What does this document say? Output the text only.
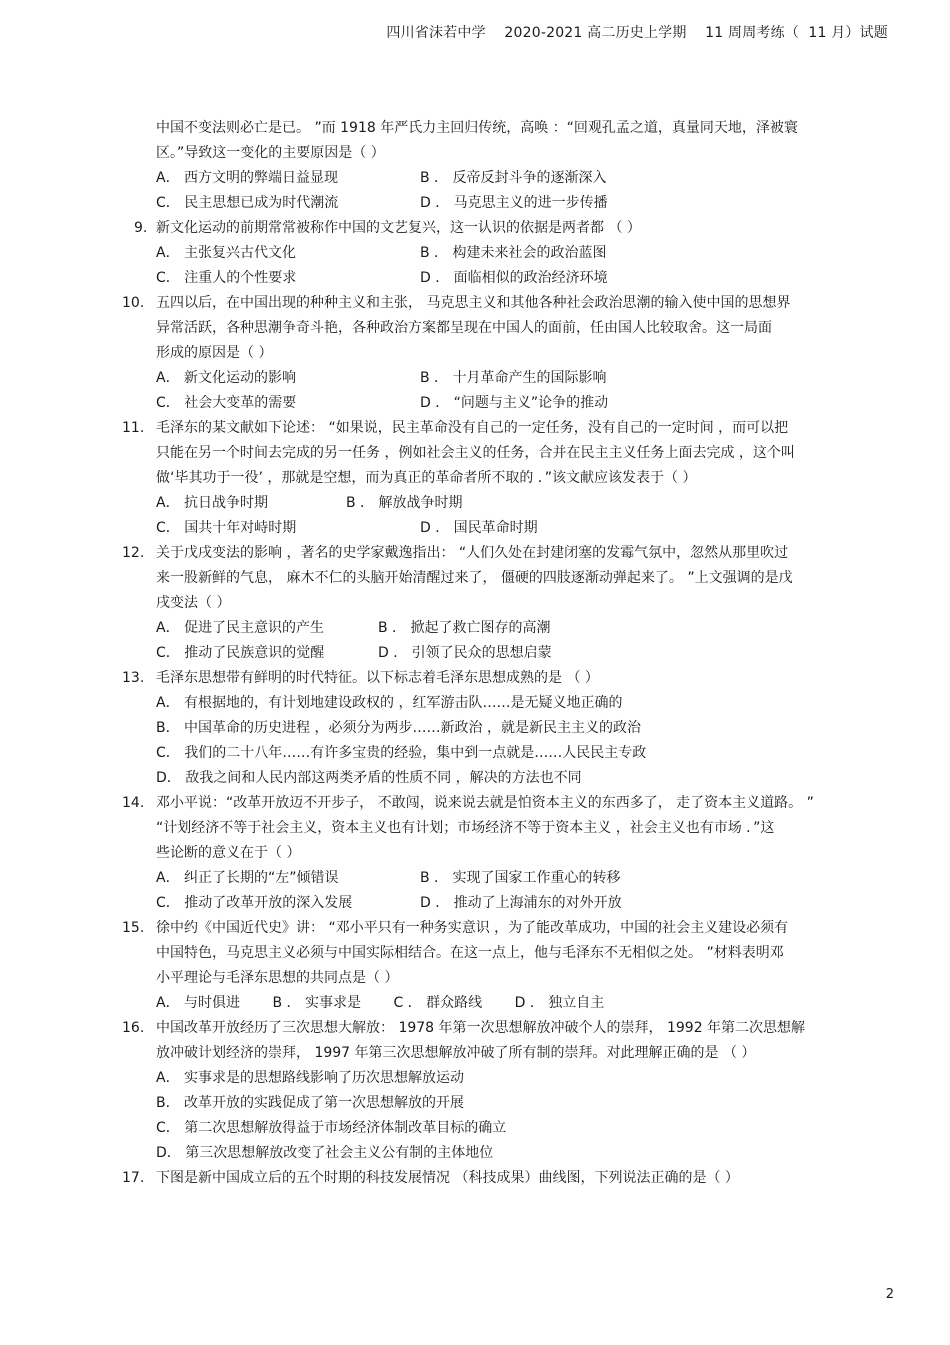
四川省沫若中学    2020-2021 高二历史上学期    11 周周考练（  11 月）试题
中国不变法则必亡是已。 ”而 1918 年严氏力主回归传统，高唤 ：“回观孔孟之道，真量同天地，泽被寰
区。”导致这一变化的主要原因是（ ）
A． 西方文明的弊端日益显现	B ． 反帝反封斗争的逐渐深入
C． 民主思想已成为时代潮流	D ． 马克思主义的进一步传播
9. 新文化运动的前期常常被称作中国的文艺复兴，这一认识的依据是两者都 （ ）
A． 主张复兴古代文化	B ． 构建未来社会的政治蓝图
C． 注重人的个性要求	D ． 面临相似的政治经济环境
10. 五四以后，在中国出现的种种主义和主张， 马克思主义和其他各种社会政治思潮的输入使中国的思想界
异常活跃，各种思潮争奇斗艳，各种政治方案都呈现在中国人的面前，任由国人比较取舍。这一局面
形成的原因是（ ）
A． 新文化运动的影响	B ． 十月革命产生的国际影响
C． 社会大变革的需要	D ． “问题与主义”论争的推动
11. 毛泽东的某文献如下论述： “如果说，民主革命没有自己的一定任务，没有自己的一定时间 ，而可以把
只能在另一个时间去完成的另一任务 ，例如社会主义的任务，合并在民主主义任务上面去完成 ，这个叫
做‘毕其功于一役’ ，那就是空想，而为真正的革命者所不取的 ．”该文献应该发表于（ ）
A． 抗日战争时期	B ． 解放战争时期
C． 国共十年对峙时期	D ． 国民革命时期
12. 关于戊戌变法的影响 ，著名的史学家戴逸指出： “人们久处在封建闭塞的发霉气氛中，忽然从那里吹过
来一股新鲜的气息， 麻木不仁的头脑开始清醒过来了， 僵硬的四肢逐渐动弹起来了。 ”上文强调的是戊
戌变法（ ）
A． 促进了民主意识的产生	B ． 掀起了救亡图存的高潮
C． 推动了民族意识的觉醒	D ． 引领了民众的思想启蒙
13. 毛泽东思想带有鲜明的时代特征。以下标志着毛泽东思想成熟的是 （ ）
A． 有根据地的，有计划地建设政权的 ，红军游击队……是无疑义地正确的
B． 中国革命的历史进程 ，必须分为两步……新政治 ，就是新民主主义的政治
C． 我们的二十八年……有许多宝贵的经验，集中到一点就是……人民民主专政
D． 敌我之间和人民内部这两类矛盾的性质不同 ，解决的方法也不同
14. 邓小平说：“改革开放迈不开步子， 不敢闯，说来说去就是怕资本主义的东西多了， 走了资本主义道路。 ”
“计划经济不等于社会主义，资本主义也有计划；市场经济不等于资本主义 ，社会主义也有市场 ．”这
些论断的意义在于（ ）
A． 纠正了长期的“左”倾错误	B ． 实现了国家工作重心的转移
C． 推动了改革开放的深入发展	D ． 推动了上海浦东的对外开放
15. 徐中约《中国近代史》讲： “邓小平只有一种务实意识 ，为了能改革成功，中国的社会主义建设必须有
中国特色，马克思主义必须与中国实际相结合。在这一点上，他与毛泽东不无相似之处。 ”材料表明邓
小平理论与毛泽东思想的共同点是（ ）
A． 与时俱进 B ． 实事求是 C ． 群众路线 D ． 独立自主
16. 中国改革开放经历了三次思想大解放： 1978 年第一次思想解放冲破个人的崇拜， 1992 年第二次思想解
放冲破计划经济的崇拜， 1997 年第三次思想解放冲破了所有制的崇拜。对此理解正确的是 （ ）
A． 实事求是的思想路线影响了历次思想解放运动
B． 改革开放的实践促成了第一次思想解放的开展
C． 第二次思想解放得益于市场经济体制改革目标的确立
D． 第三次思想解放改变了社会主义公有制的主体地位
17. 下图是新中国成立后的五个时期的科技发展情况 （科技成果）曲线图，下列说法正确的是（ ）
2
